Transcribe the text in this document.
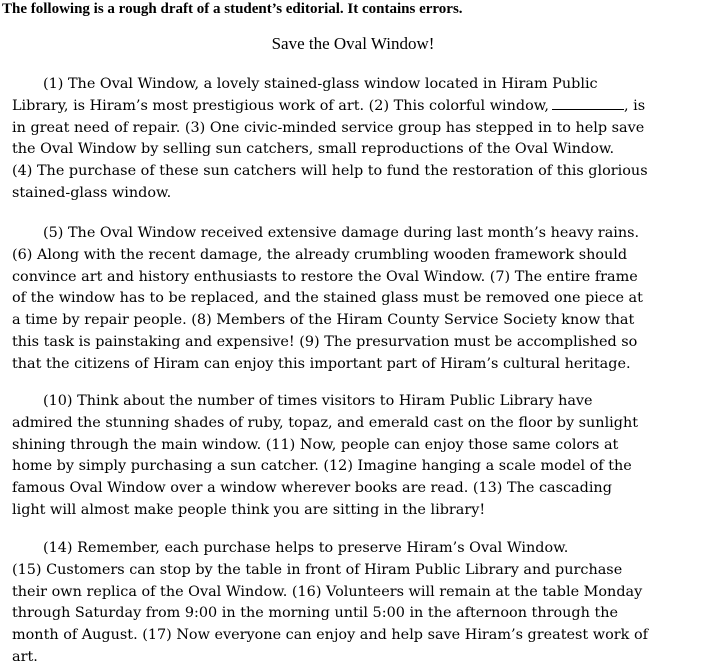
The following is a rough draft of a student’s editorial. It contains errors.
Save the Oval Window!
(1) The Oval Window, a lovely stained-glass window located in Hiram Public
Library, is Hiram’s most prestigious work of art. (2) This colorful window,	, is
in great need of repair. (3) One civic-minded service group has stepped in to help save
the Oval Window by selling sun catchers, small reproductions of the Oval Window.
(4) The purchase of these sun catchers will help to fund the restoration of this glorious
stained-glass window.
(5) The Oval Window received extensive damage during last month’s heavy rains.
(6) Along with the recent damage, the already crumbling wooden framework should
convince art and history enthusiasts to restore the Oval Window. (7) The entire frame
of the window has to be replaced, and the stained glass must be removed one piece at
a time by repair people. (8) Members of the Hiram County Service Society know that
this task is painstaking and expensive! (9) The presurvation must be accomplished so
that the citizens of Hiram can enjoy this important part of Hiram’s cultural heritage.
(10) Think about the number of times visitors to Hiram Public Library have
admired the stunning shades of ruby, topaz, and emerald cast on the floor by sunlight
shining through the main window. (11) Now, people can enjoy those same colors at
home by simply purchasing a sun catcher. (12) Imagine hanging a scale model of the
famous Oval Window over a window wherever books are read. (13) The cascading
light will almost make people think you are sitting in the library!
(14) Remember, each purchase helps to preserve Hiram’s Oval Window.
(15) Customers can stop by the table in front of Hiram Public Library and purchase
their own replica of the Oval Window. (16) Volunteers will remain at the table Monday
through Saturday from 9:00 in the morning until 5:00 in the afternoon through the
month of August. (17) Now everyone can enjoy and help save Hiram’s greatest work of
art.
